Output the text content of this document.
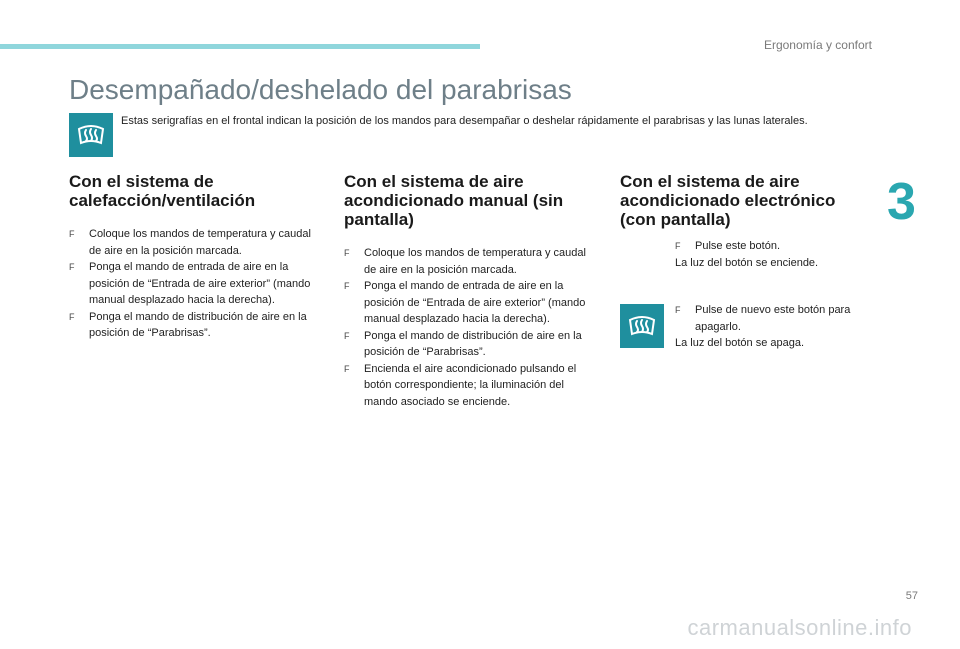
Ergonomía y confort
3
Desempañado/deshelado del parabrisas
Estas serigrafías en el frontal indican la posición de los mandos para desempañar o deshelar rápidamente el parabrisas y las lunas laterales.
Con el sistema de calefacción/ventilación
F Coloque los mandos de temperatura y caudal de aire en la posición marcada.
F Ponga el mando de entrada de aire en la posición de “Entrada de aire exterior” (mando manual desplazado hacia la derecha).
F Ponga el mando de distribución de aire en la posición de “Parabrisas”.
Con el sistema de aire acondicionado manual (sin pantalla)
F Coloque los mandos de temperatura y caudal de aire en la posición marcada.
F Ponga el mando de entrada de aire en la posición de “Entrada de aire exterior” (mando manual desplazado hacia la derecha).
F Ponga el mando de distribución de aire en la posición de “Parabrisas”.
F Encienda el aire acondicionado pulsando el botón correspondiente; la iluminación del mando asociado se enciende.
Con el sistema de aire acondicionado electrónico (con pantalla)
F Pulse este botón.
La luz del botón se enciende.
F Pulse de nuevo este botón para apagarlo.
La luz del botón se apaga.
57
carmanualsonline.info
